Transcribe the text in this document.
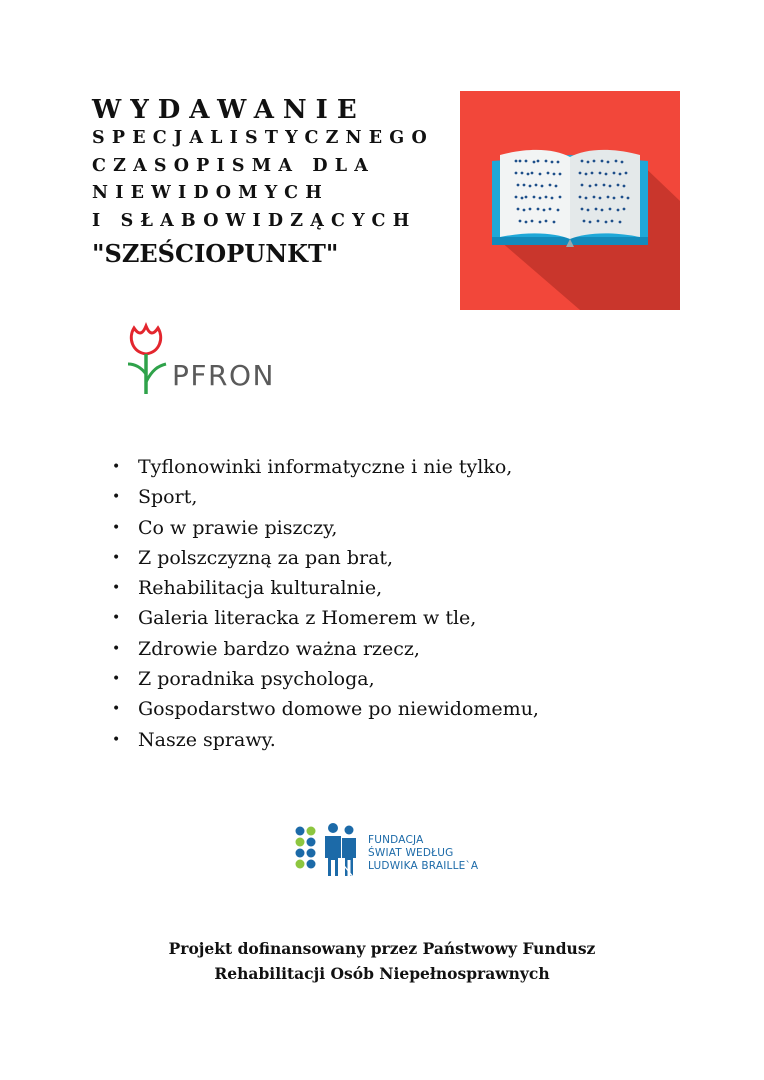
WYDAWANIE
SPECJALISTYCZNEGO
CZASOPISMA DLA
NIEWIDOMYCH
I SŁABOWIDZĄCYCH
"SZEŚCIOPUNKT"
PFRON
• Tyflonowinki informatyczne i nie tylko,
• Sport,
• Co w prawie piszczy,
• Z polszczyzną za pan brat,
• Rehabilitacja kulturalnie,
• Galeria literacka z Homerem w tle,
• Zdrowie bardzo ważna rzecz,
• Z poradnika psychologa,
• Gospodarstwo domowe po niewidomemu,
• Nasze sprawy.
FUNDACJA
ŚWIAT WEDŁUG
LUDWIKA BRAILLE`A
Projekt dofinansowany przez Państwowy Fundusz
Rehabilitacji Osób Niepełnosprawnych
